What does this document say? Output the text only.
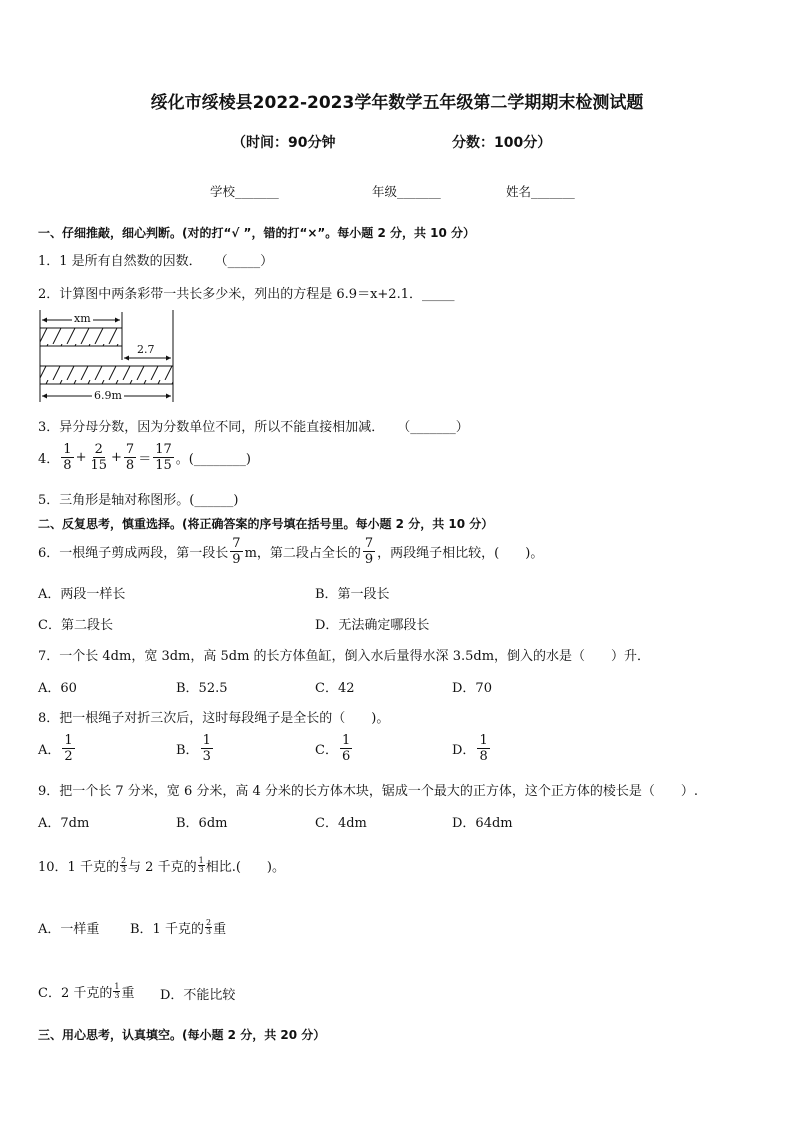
绥化市绥棱县2022-2023学年数学五年级第二学期期末检测试题
（时间：90分钟	分数：100分）
学校_______	年级_______	姓名_______
一、仔细推敲，细心判断。(对的打“√ ”，错的打“×”。每小题 2 分，共 10 分）
1．1 是所有自然数的因数．　　（_____）
2．计算图中两条彩带一共长多少米，列出的方程是 6.9＝x+2.1．_____
xm
2.7
6.9m
3．异分母分数，因为分数单位不同，所以不能直接相加减．　　（_______）
4． $\frac{1}{8} + \frac{2}{15} + \frac{7}{8} = \frac{17}{15}$ 。(________)
5．三角形是轴对称图形。(______)
二、反复思考，慎重选择。(将正确答案的序号填在括号里。每小题 2 分，共 10 分）
6．一根绳子剪成两段，第一段长 $\frac{7}{9}$ m，第二段占全长的 $\frac{7}{9}$ ，两段绳子相比较，(　　)。
A．两段一样长	B．第一段长
C．第二段长	D．无法确定哪段长
7．一个长 4dm，宽 3dm，高 5dm 的长方体鱼缸，倒入水后量得水深 3.5dm，倒入的水是（　　）升．
A．60	B．52.5	C．42	D．70
8．把一根绳子对折三次后，这时每段绳子是全长的（　　)。
A． $\frac{1}{2}$	B． $\frac{1}{3}$	C． $\frac{1}{6}$	D． $\frac{1}{8}$
9．把一个长 7 分米，宽 6 分米，高 4 分米的长方体木块，锯成一个最大的正方体，这个正方体的棱长是（　　）.
A．7dm	B．6dm	C．4dm	D．64dm
10．1 千克的 2
3 与 2 千克的 1
3 相比.(　　)。
A．一样重 B．1 千克的 2
3 重
C．2 千克的 1
3 重 D．不能比较
三、用心思考，认真填空。(每小题 2 分，共 20 分）
